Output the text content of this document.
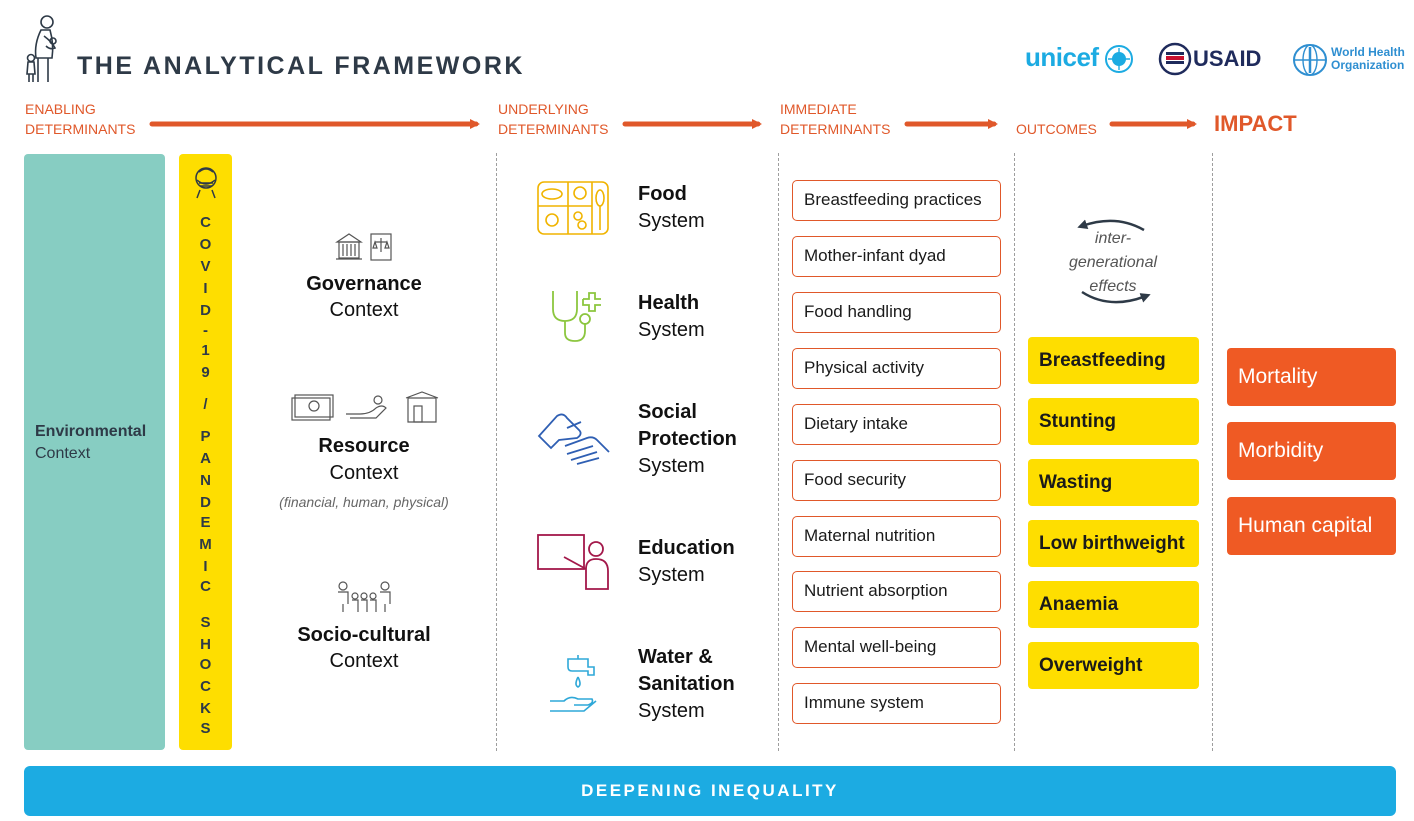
THE ANALYTICAL FRAMEWORK	unicef	USAID	World Health
Organization
ENABLING
DETERMINANTS
UNDERLYING
DETERMINANTS
IMMEDIATE
DETERMINANTS	OUTCOMES	IMPACT
Environmental
Context
C
O
V
I
D
-
1
9
/
P
A
N
D
E
M
I
C
S
H
O
C
K
S
Governance
Context
Resource
Context
(financial, human, physical)
Socio-cultural
Context
Food
System
Health
System
Social
Protection
System
Education
System
Water &
Sanitation
System
Breastfeeding practices
Mother-infant dyad
Food handling
Physical activity
Dietary intake
Food security
Maternal nutrition
Nutrient absorption
Mental well-being
Immune system
inter-
generational
effects
Breastfeeding
Stunting
Wasting
Low birthweight
Anaemia
Overweight
Mortality
Morbidity
Human capital
DEEPENING INEQUALITY
